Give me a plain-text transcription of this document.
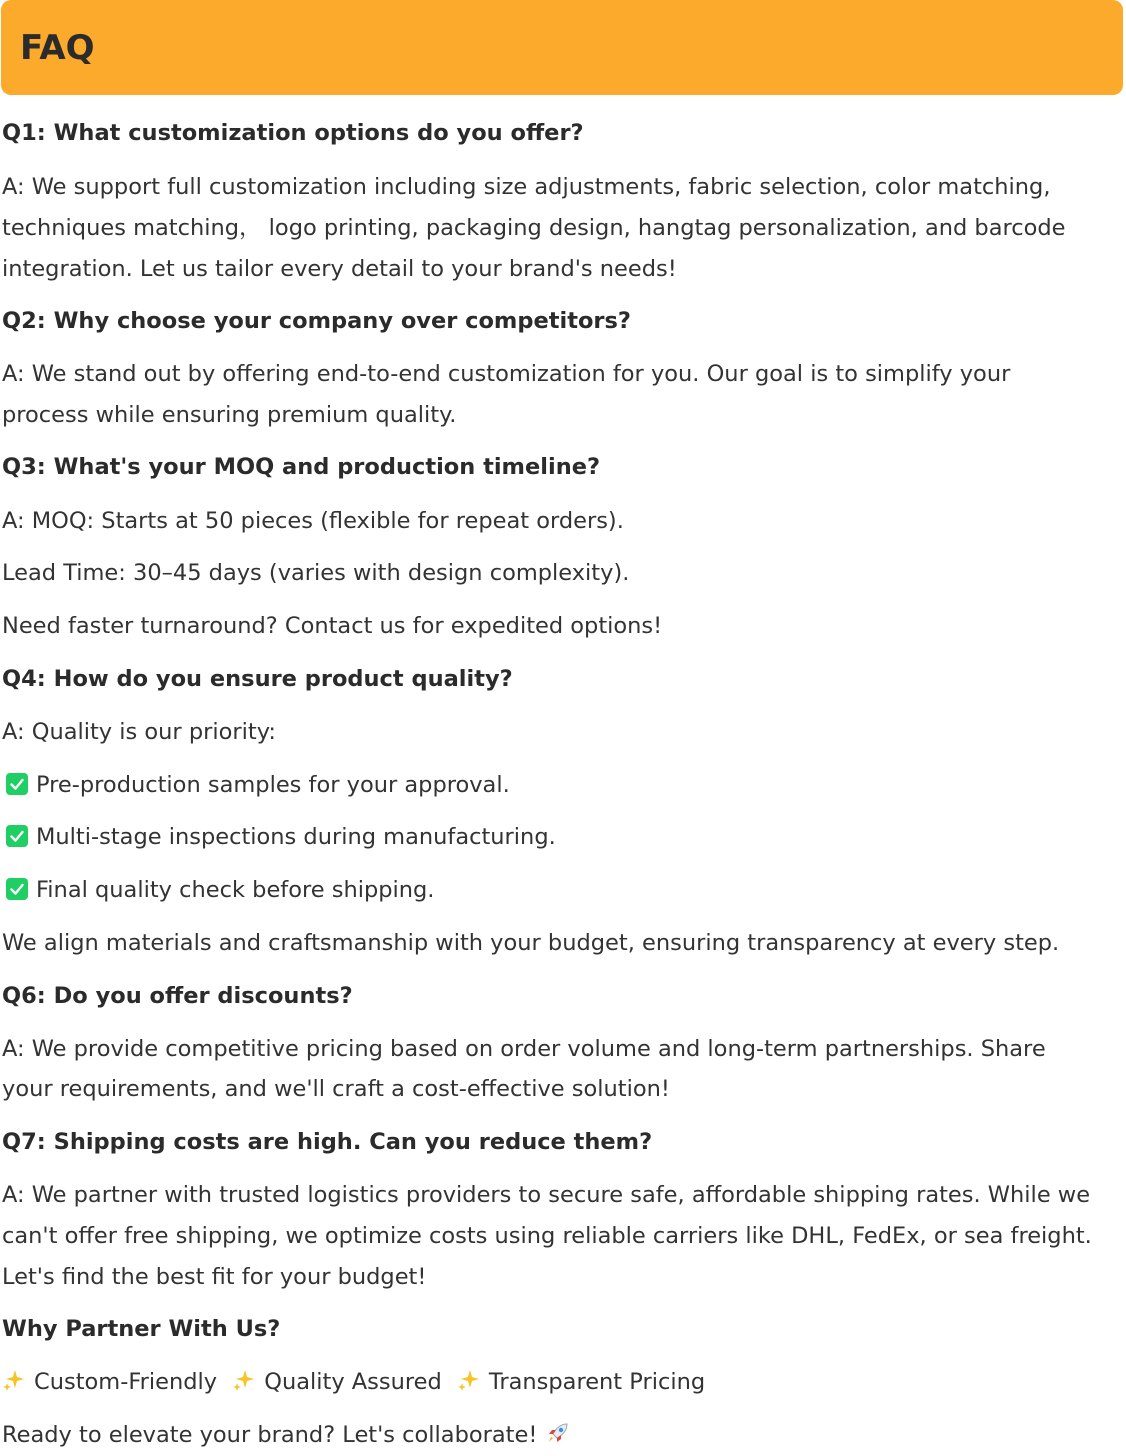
FAQ
Q1: What customization options do you offer?
A: We support full customization including size adjustments, fabric selection, color matching,
techniques matching， logo printing, packaging design, hangtag personalization, and barcode
integration. Let us tailor every detail to your brand's needs!
Q2: Why choose your company over competitors?
A: We stand out by offering end-to-end customization for you. Our goal is to simplify your
process while ensuring premium quality.
Q3: What's your MOQ and production timeline?
A: MOQ: Starts at 50 pieces (flexible for repeat orders).
Lead Time: 30–45 days (varies with design complexity).
Need faster turnaround? Contact us for expedited options!
Q4: How do you ensure product quality?
A: Quality is our priority:
Pre-production samples for your approval.
Multi-stage inspections during manufacturing.
Final quality check before shipping.
We align materials and craftsmanship with your budget, ensuring transparency at every step.
Q6: Do you offer discounts?
A: We provide competitive pricing based on order volume and long-term partnerships. Share
your requirements, and we'll craft a cost-effective solution!
Q7: Shipping costs are high. Can you reduce them?
A: We partner with trusted logistics providers to secure safe, affordable shipping rates. While we
can't offer free shipping, we optimize costs using reliable carriers like DHL, FedEx, or sea freight.
Let's find the best fit for your budget!
Why Partner With Us?
Custom-Friendly Quality Assured Transparent Pricing
Ready to elevate your brand? Let's collaborate!
